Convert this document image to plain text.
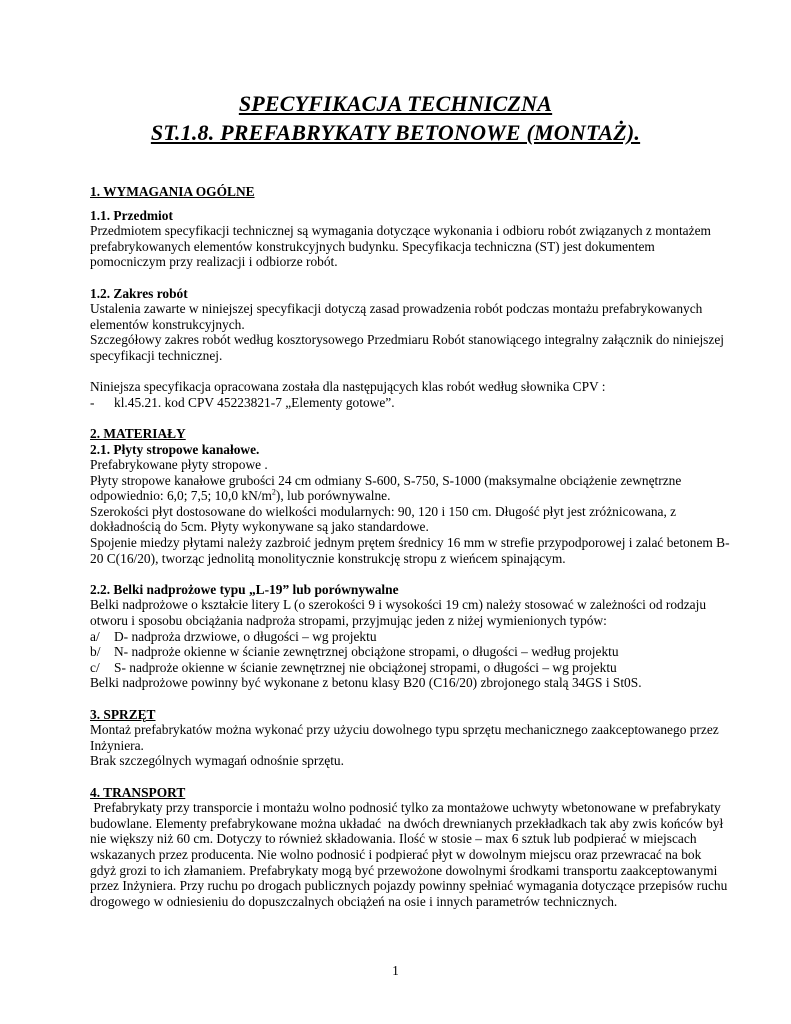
SPECYFIKACJA TECHNICZNA
ST.1.8. PREFABRYKATY BETONOWE (MONTAŻ).

1. WYMAGANIA OGÓLNE

1.1. Przedmiot

Przedmiotem specyfikacji technicznej są wymagania dotyczące wykonania i odbioru robót związanych z montażem prefabrykowanych elementów konstrukcyjnych budynku. Specyfikacja techniczna (ST) jest dokumentem pomocniczym przy realizacji i odbiorze robót.

1.2. Zakres robót

Ustalenia zawarte w niniejszej specyfikacji dotyczą zasad prowadzenia robót podczas montażu prefabrykowanych elementów konstrukcyjnych.

Szczegółowy zakres robót według kosztorysowego Przedmiaru Robót stanowiącego integralny załącznik do niniejszej specyfikacji technicznej.

Niniejsza specyfikacja opracowana została dla następujących klas robót według słownika CPV :

-	kl.45.21. kod CPV 45223821-7 „Elementy gotowe”.

2. MATERIAŁY

2.1. Płyty stropowe kanałowe.

Prefabrykowane płyty stropowe .

Płyty stropowe kanałowe grubości 24 cm odmiany S-600, S-750, S-1000 (maksymalne obciążenie zewnętrzne odpowiednio: 6,0; 7,5; 10,0 $kN/m^2$), lub porównywalne.

Szerokości płyt dostosowane do wielkości modularnych: 90, 120 i 150 cm. Długość płyt jest zróżnicowana, z dokładnością do 5cm. Płyty wykonywane są jako standardowe.

Spojenie miedzy płytami należy zazbroić jednym prętem średnicy 16 mm w strefie przypodporowej i zalać betonem B-20 C(16/20), tworząc jednolitą monolitycznie konstrukcję stropu z wieńcem spinającym.

2.2. Belki nadprożowe typu „L-19” lub porównywalne

Belki nadprożowe o kształcie litery L (o szerokości 9 i wysokości 19 cm) należy stosować w zależności od rodzaju otworu i sposobu obciążania nadproża stropami, przyjmując jeden z niżej wymienionych typów:

a/	D- nadproża drzwiowe, o długości – wg projektu
b/	N- nadproże okienne w ścianie zewnętrznej obciążone stropami, o długości – według projektu
c/	S- nadproże okienne w ścianie zewnętrznej nie obciążonej stropami, o długości – wg projektu

Belki nadprożowe powinny być wykonane z betonu klasy B20 (C16/20) zbrojonego stalą 34GS i St0S.

3. SPRZĘT

Montaż prefabrykatów można wykonać przy użyciu dowolnego typu sprzętu mechanicznego zaakceptowanego przez Inżyniera.

Brak szczególnych wymagań odnośnie sprzętu.

4. TRANSPORT

Prefabrykaty przy transporcie i montażu wolno podnosić tylko za montażowe uchwyty wbetonowane w prefabrykaty budowlane. Elementy prefabrykowane można układać  na dwóch drewnianych przekładkach tak aby zwis końców był nie większy niż 60 cm. Dotyczy to również składowania. Ilość w stosie – max 6 sztuk lub podpierać w miejscach wskazanych przez producenta. Nie wolno podnosić i podpierać płyt w dowolnym miejscu oraz przewracać na bok gdyż grozi to ich złamaniem. Prefabrykaty mogą być przewożone dowolnymi środkami transportu zaakceptowanymi przez Inżyniera. Przy ruchu po drogach publicznych pojazdy powinny spełniać wymagania dotyczące przepisów ruchu drogowego w odniesieniu do dopuszczalnych obciążeń na osie i innych parametrów technicznych.

1
